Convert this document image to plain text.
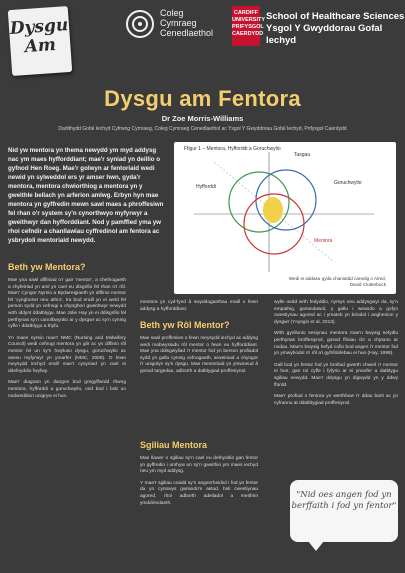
Dysgu
Am
Coleg
Cymraeg
Cenedlaethol
CARDIFF
UNIVERSITY
PRIFYSGOL
CAERDYDD
School of Healthcare Sciences
Ysgol Y Gwyddorau Gofal Iechyd
Dysgu am Fentora
Dr Zoe Morris-Williams
Darlithydd Gofal Iechyd Cyfrwng Cymraeg, Coleg Cymraeg Cenedlaethol ac Ysgol Y Gwyddorau Gofal Iechyd, Prifysgol Caerdydd
Nid yw mentora yn thema newydd ym myd addysg nac ym maes hyfforddiant; mae'r syniad yn deillio o gyfnod Hen Roeg. Mae'r golwyn ar fentoriaid wedi newid yn sylweddol ers yr amser hwn, gyda'r mentora, mentora chwiorthiog a mentora yn y gweithle bellach yn arferion amlwg. Erbyn hyn mae mentora yn gyffredin mewn sawl maes a phroffesiwn fel rhan o'r system sy'n cynorthwyo myfyrwyr a gweithwyr dan hyfforddiant. Nod y pamffled yma yw rhoi cefndir a chanllawiau cyffredinol am fentora ac ysbrydoli mentoriaid newydd.
Ffigur 1 – Mentora, Hyfforddi a Goruchwylio
Tasgau
Hyfforddi
Goruchwylio
Mentora
Wedi ei addasu gyda chaniatâd caredig o Alred, David Clutterbuck
Beth yw Mentora?

Mae yna sawl diffiniad o'r gair 'mentor', a chefnogaeth a chyfeiriad yn aml yn cael eu disgrifio fel rhan o'r rôl. Mae'r Cyngor Nyrsio a Bydwreigiaeth yn diffinio mentor fel 'cynghorwr neu athro', tra bod eraill yn ei weld fel person sydd yn cefnogi a chynghori gweithwyr newydd wrth iddynt ddatblygu. Mae Jolie Hay yn ei ddisgrifio fel perthynas sy'n canolbwyntio ar y dysgwr ac sy'n cynnig cyfle i ddatblygu a thyfu.

Yn maes nyrsio mae'r NMC (Nursing and Midwifery Council) wedi cefnogi mentora yn glir ac yn diffinio rôl mentor fel un sy'n hwyluso dysgu, goruchwylio ac asesu myfyrwyr yn ymarfer (NMC, 2008). O fewn meysydd iechyd eraill mae'r cysyniad yn cael ei ddefnyddio fwyfwy.

Mae'r diagram yn dangos bod gorgyffwrdd rhwng mentora, hyfforddi a goruchwylio, ond bod i bob un nodweddion unigryw ei hun.

mentora yn cyd-fynd â swyddogaethau eraill o fewn addysg a hyfforddiant.

Beth yw Rôl Mentor?

Mae sawl proffesiwn o fewn meysydd iechyd ac addysg wedi mabwysiadu rôl mentor o fewn eu hyfforddiant. Mae yna ddisgwyliad i'r mentor fod yn berson profiadol sydd yn gallu cynnig cefnogaeth, arweiniad a chyngor i'r unigolyn sy'n dysgu. Mae mentoriaid yn ymwneud â gosod targedau, adborth a datblygiad proffesiynol.

Sgiliau Mentora

Mae llawer o sgiliau sy'n cael eu defnyddio gan fentor yn gyffredin i unrhyw un sy'n gweithio ym maes iechyd neu ym myd addysg.

Y mae'r sgiliau craidd sy'n angenrheidiol i fod yn fentor da yn cynnwys gwrando'n astud, holi cwestiynau agored, rhoi adborth adeiladol a meithrin ymddiriedaeth.

wylle oedd wrth fedyddio, nyrsys neu addysgwyr da, sy'n empathig, gwrandawol, y gallu i weando a gofyn cwestiynau agored ac i ymateb yn briodol i anghenion y dysgwr (Ynysgin et al, 2013).

Wrth gynllunio sesiynau mentora mae'n bwysig sefydlu perthynas broffesiynol, gosod ffiniau clir a chytuno ar nodau. Mae'n bwysig hefyd cofio bod angen i'r mentor fod yn ymwybodol o'i rôl a'i gyfrifoldebau ei hun (Hay, 1999).

Gall bod yn fentor fod yn brofiad gwerth chweil i'r mentor ei hun, gan roi cyfle i fyfyrio ar ei ymarfer a datblygu sgiliau newydd. Mae'r ddysgu yn digwydd yn y ddwy ffordd.

Mae'r profiad o fentora yn werthfawr i'r ddau barti ac yn cyfrannu at ddatblygiad proffesiynol.

"Nid oes angen fod yn berffaith i fod yn fentor"
